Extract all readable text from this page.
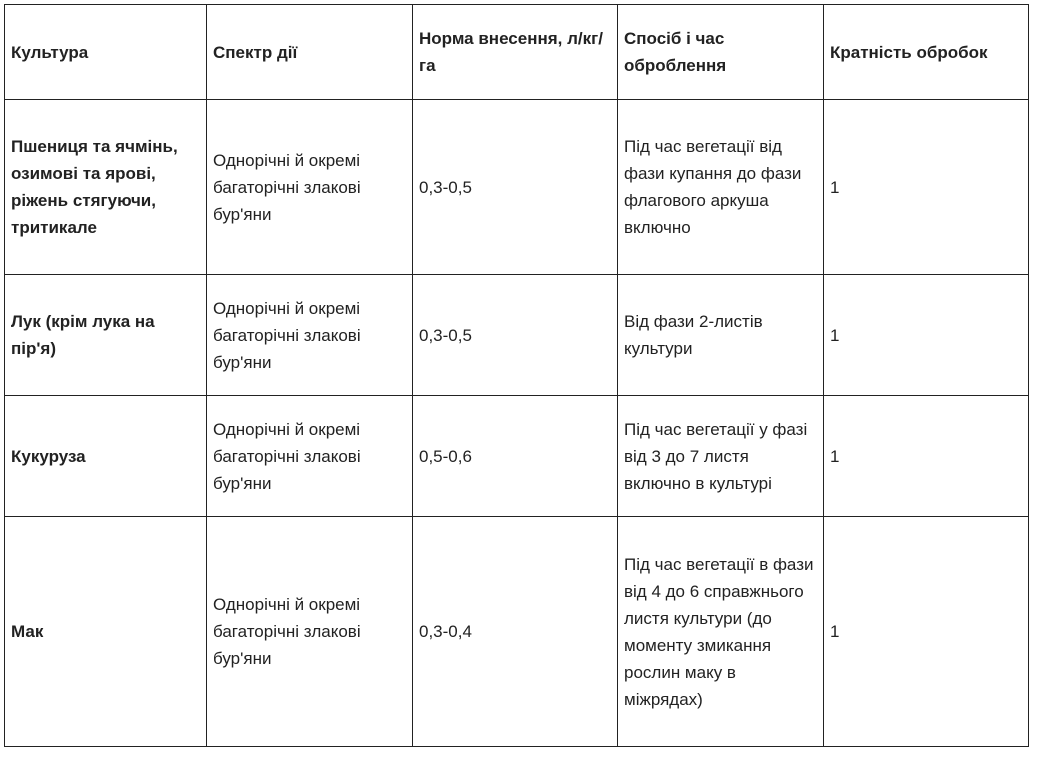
Культура	Спектр дії	Норма внесення, л/кг/га	Спосіб і час оброблення	Кратність обробок
Пшениця та ячмінь, озимові та ярові, ріжень стягуючи, тритикале	Однорічні й окремі багаторічні злакові бур'яни	0,3-0,5	Під час вегетації від фази купання до фази флагового аркуша включно	1
Лук (крім лука на пір'я)	Однорічні й окремі багаторічні злакові бур'яни	0,3-0,5	Від фази 2-листів культури	1
Кукуруза	Однорічні й окремі багаторічні злакові бур'яни	0,5-0,6	Під час вегетації у фазі від 3 до 7 листя включно в культурі	1
Мак	Однорічні й окремі багаторічні злакові бур'яни	0,3-0,4	Під час вегетації в фази від 4 до 6 справжнього листя культури (до моменту змикання рослин маку в міжрядах)	1
